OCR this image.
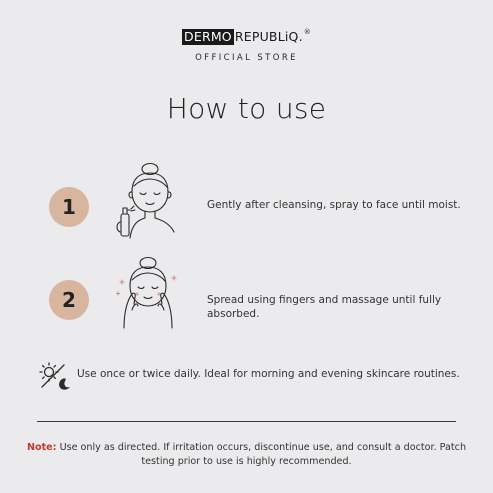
DERMO REPUBLiQ. ®
OFFICIAL STORE
How to use
1	Gently after cleansing, spray to face until moist.
2	Spread using fingers and massage until fully absorbed.
Use once or twice daily. Ideal for morning and evening skincare routines.
Note: Use only as directed. If irritation occurs, discontinue use, and consult a doctor. Patch testing prior to use is highly recommended.
